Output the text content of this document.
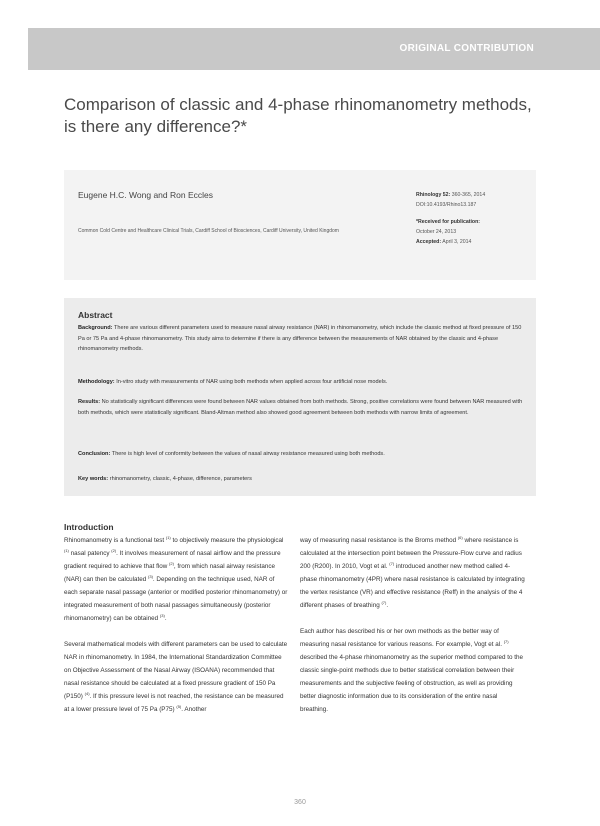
ORIGINAL CONTRIBUTION
Comparison of classic and 4-phase rhinomanometry methods, is there any difference?*
Eugene H.C. Wong and Ron Eccles
Common Cold Centre and Healthcare Clinical Trials, Cardiff School of Biosciences, Cardiff University, United Kingdom
Rhinology 52: 360-365, 2014
DOI:10.4193/Rhino13.187
*Received for publication:
October 24, 2013
Accepted: April 3, 2014
Abstract

Background: There are various different parameters used to measure nasal airway resistance (NAR) in rhinomanometry, which include the classic method at fixed pressure of 150 Pa or 75 Pa and 4-phase rhinomanometry. This study aims to determine if there is any difference between the measurements of NAR obtained by the classic and 4-phase rhinomanometry methods.

Methodology: In-vitro study with measurements of NAR using both methods when applied across four artificial nose models.

Results: No statistically significant differences were found between NAR values obtained from both methods. Strong, positive correlations were found between NAR measured with both methods, which were statistically significant. Bland-Altman method also showed good agreement between both methods with narrow limits of agreement.

Conclusion: There is high level of conformity between the values of nasal airway resistance measured using both methods.

Key words: rhinomanometry, classic, 4-phase, difference, parameters

Introduction

Rhinomanometry is a functional test $^{(1)}$ to objectively measure the physiological $^{(1)}$ nasal patency $^{(2)}$. It involves measurement of nasal airflow and the pressure gradient required to achieve that flow $^{(2)}$, from which nasal airway resistance (NAR) can then be calculated $^{(3)}$. Depending on the technique used, NAR of each separate nasal passage (anterior or modified posterior rhinomanometry) or integrated measurement of both nasal passages simultaneously (posterior rhinomanometry) can be obtained $^{(3)}$.

Several mathematical models with different parameters can be used to calculate NAR in rhinomanometry. In 1984, the International Standardization Committee on Objective Assessment of the Nasal Airway (ISOANA) recommended that nasal resistance should be calculated at a fixed pressure gradient of 150 Pa (P150) $^{(4)}$. If this pressure level is not reached, the resistance can be measured at a lower pressure level of 75 Pa (P75) $^{(5)}$. Another

way of measuring nasal resistance is the Broms method $^{(6)}$ where resistance is calculated at the intersection point between the Pressure-Flow curve and radius 200 (R200). In 2010, Vogt et al. $^{(7)}$ introduced another new method called 4-phase rhinomanometry (4PR) where nasal resistance is calculated by integrating the vertex resistance (VR) and effective resistance (Reff) in the analysis of the 4 different phases of breathing $^{(7)}$.

Each author has described his or her own methods as the better way of measuring nasal resistance for various reasons. For example, Vogt et al. $^{(7)}$ described the 4-phase rhinomanometry as the superior method compared to the classic single-point methods due to better statistical correlation between their measurements and the subjective feeling of obstruction, as well as providing better diagnostic information due to its consideration of the entire nasal breathing.

360
